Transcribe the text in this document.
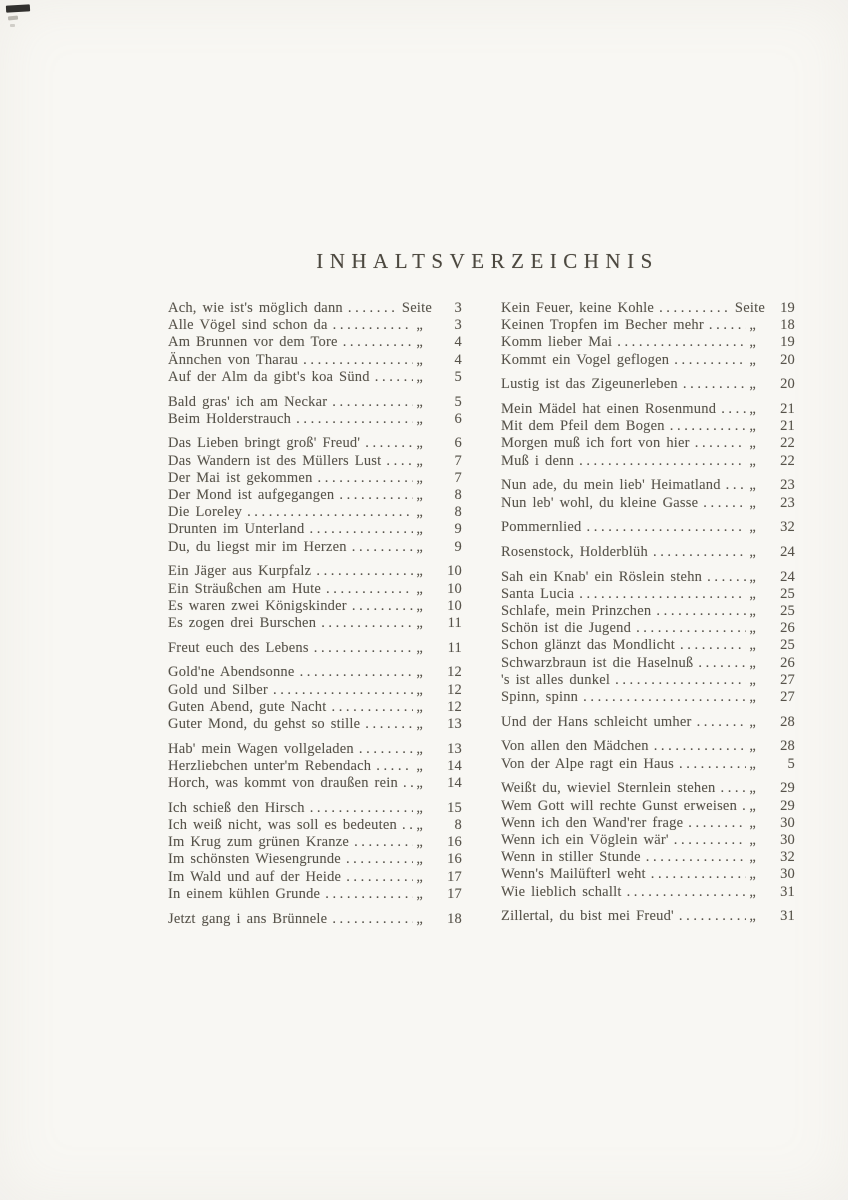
INHALTSVERZEICHNIS
Ach, wie ist's möglich dann .....	Seite	3
Alle Vögel sind schon da .....	„	3
Am Brunnen vor dem Tore .....	„	4
Ännchen von Tharau .....	„	4
Auf der Alm da gibt's koa Sünd .....	„	5
Bald gras' ich am Neckar .....	„	5
Beim Holderstrauch .....	„	6
Das Lieben bringt groß' Freud' .....	„	6
Das Wandern ist des Müllers Lust ..... „	7
Der Mai ist gekommen .....	„	7
Der Mond ist aufgegangen .....	„	8
Die Loreley .....	„	8
Drunten im Unterland .....	„	9
Du, du liegst mir im Herzen .....	„	9
Ein Jäger aus Kurpfalz .....	„	10
Ein Sträußchen am Hute .....	„	10
Es waren zwei Königskinder .....	„	10
Es zogen drei Burschen .....	„	11
Freut euch des Lebens .....	„	11
Gold'ne Abendsonne .....	„	12
Gold und Silber .....	„	12
Guten Abend, gute Nacht .....	„	12
Guter Mond, du gehst so stille .....	„	13
Hab' mein Wagen vollgeladen .....	„	13
Herzliebchen unter'm Rebendach .....	„	14
Horch, was kommt von draußen rein ..... „	14
Ich schieß den Hirsch .....	„	15
Ich weiß nicht, was soll es bedeuten ..... „	8
Im Krug zum grünen Kranze .....	„	16
Im schönsten Wiesengrunde .....	„	16
Im Wald und auf der Heide .....	„	17
In einem kühlen Grunde .....	„	17
Jetzt gang i ans Brünnele .....	„	18
Kein Feuer, keine Kohle .....	Seite	19
Keinen Tropfen im Becher mehr .....	„	18
Komm lieber Mai .....	„	19
Kommt ein Vogel geflogen .....	„	20
Lustig ist das Zigeunerleben .....	„	20
Mein Mädel hat einen Rosenmund ..... „	21
Mit dem Pfeil dem Bogen .....	„	21
Morgen muß ich fort von hier .....	„	22
Muß i denn .....	„	22
Nun ade, du mein lieb' Heimatland ..... „	23
Nun leb' wohl, du kleine Gasse .....	„	23
Pommernlied .....	„	32
Rosenstock, Holderblüh .....	„	24
Sah ein Knab' ein Röslein stehn .....	„	24
Santa Lucia .....	„	25
Schlafe, mein Prinzchen .....	„	25
Schön ist die Jugend .....	„	26
Schon glänzt das Mondlicht .....	„	25
Schwarzbraun ist die Haselnuß .....	„	26
's ist alles dunkel .....	„	27
Spinn, spinn .....	„	27
Und der Hans schleicht umher .....	„	28
Von allen den Mädchen .....	„	28
Von der Alpe ragt ein Haus .....	„	5
Weißt du, wieviel Sternlein stehen ..... „	29
Wem Gott will rechte Gunst erweisen ..... „	29
Wenn ich den Wand'rer frage .....	„	30
Wenn ich ein Vöglein wär' .....	„	30
Wenn in stiller Stunde .....	„	32
Wenn's Mailüfterl weht .....	„	30
Wie lieblich schallt .....	„	31
Zillertal, du bist mei Freud' .....	„	31
